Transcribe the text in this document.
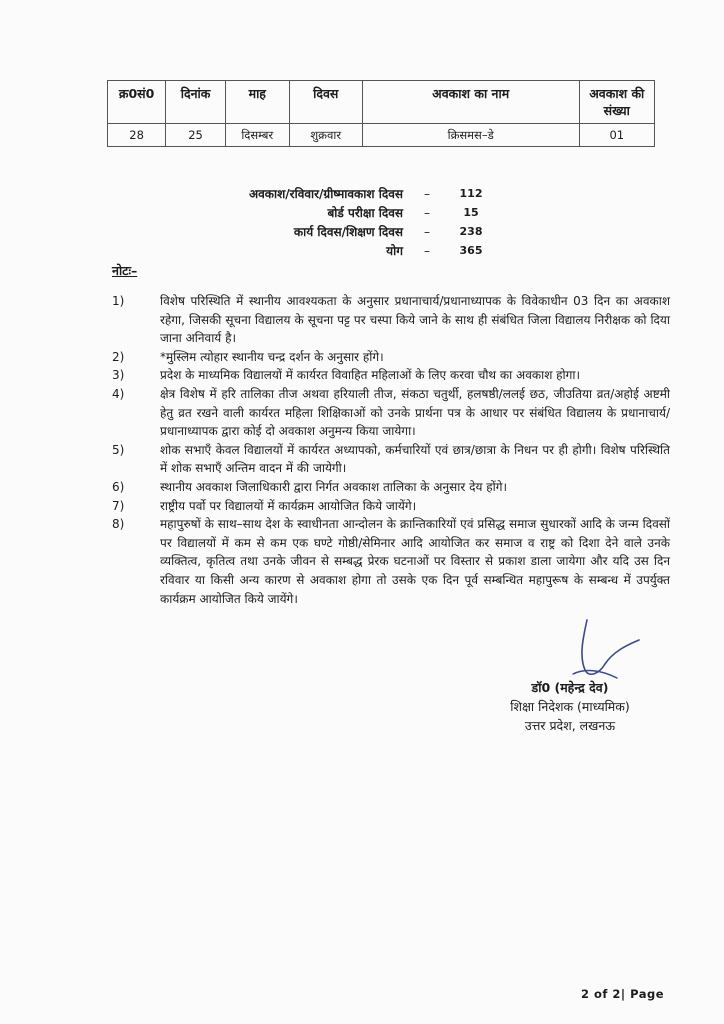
क्र0सं0	दिनांक	माह	दिवस	अवकाश का नाम	अवकाश की संख्या
28	25	दिसम्बर	शुक्रवार	क्रिसमस–डे	01
अवकाश/रविवार/ग्रीष्मावकाश दिवस	–	112
बोर्ड परीक्षा दिवस	–	15
कार्य दिवस/शिक्षण दिवस	–	238
योग	–	365
नोटः–
1)	विशेष परिस्थिति में स्थानीय आवश्यकता के अनुसार प्रधानाचार्य/प्रधानाध्यापक के विवेकाधीन 03 दिन का अवकाश रहेगा, जिसकी सूचना विद्यालय के सूचना पट्ट पर चस्पा किये जाने के साथ ही संबंधित जिला विद्यालय निरीक्षक को दिया जाना अनिवार्य है।
2)	*मुस्लिम त्योहार स्थानीय चन्द्र दर्शन के अनुसार होंगे।
3)	प्रदेश के माध्यमिक विद्यालयों में कार्यरत विवाहित महिलाओं के लिए करवा चौथ का अवकाश होगा।
4)	क्षेत्र विशेष में हरि तालिका तीज अथवा हरियाली तीज, संकठा चतुर्थी, हलषष्ठी/ललई छठ, जीउतिया व्रत/अहोई अष्टमी हेतु व्रत रखने वाली कार्यरत महिला शिक्षिकाओं को उनके प्रार्थना पत्र के आधार पर संबंधित विद्यालय के प्रधानाचार्य/प्रधानाध्यापक द्वारा कोई दो अवकाश अनुमन्य किया जायेगा।
5)	शोक सभाएँ केवल विद्यालयों में कार्यरत अध्यापको, कर्मचारियों एवं छात्र/छात्रा के निधन पर ही होगी। विशेष परिस्थिति में शोक सभाएँ अन्तिम वादन में की जायेगी।
6)	स्थानीय अवकाश जिलाधिकारी द्वारा निर्गत अवकाश तालिका के अनुसार देय होंगे।
7)	राष्ट्रीय पर्वो पर विद्यालयों में कार्यक्रम आयोजित किये जायेंगे।
8)	महापुरुषों के साथ–साथ देश के स्वाधीनता आन्दोलन के क्रान्तिकारियों एवं प्रसिद्ध समाज सुधारकों आदि के जन्म दिवसों पर विद्यालयों में कम से कम एक घण्टे गोष्ठी/सेमिनार आदि आयोजित कर समाज व राष्ट्र को दिशा देने वाले उनके व्यक्तित्व, कृतित्व तथा उनके जीवन से सम्बद्ध प्रेरक घटनाओं पर विस्तार से प्रकाश डाला जायेगा और यदि उस दिन रविवार या किसी अन्य कारण से अवकाश होगा तो उसके एक दिन पूर्व सम्बन्धित महापुरूष के सम्बन्ध में उपर्युक्त कार्यक्रम आयोजित किये जायेंगे।
डॉ0 (महेन्द्र देव)
शिक्षा निदेशक (माध्यमिक)
उत्तर प्रदेश, लखनऊ
2 of 2| Page
